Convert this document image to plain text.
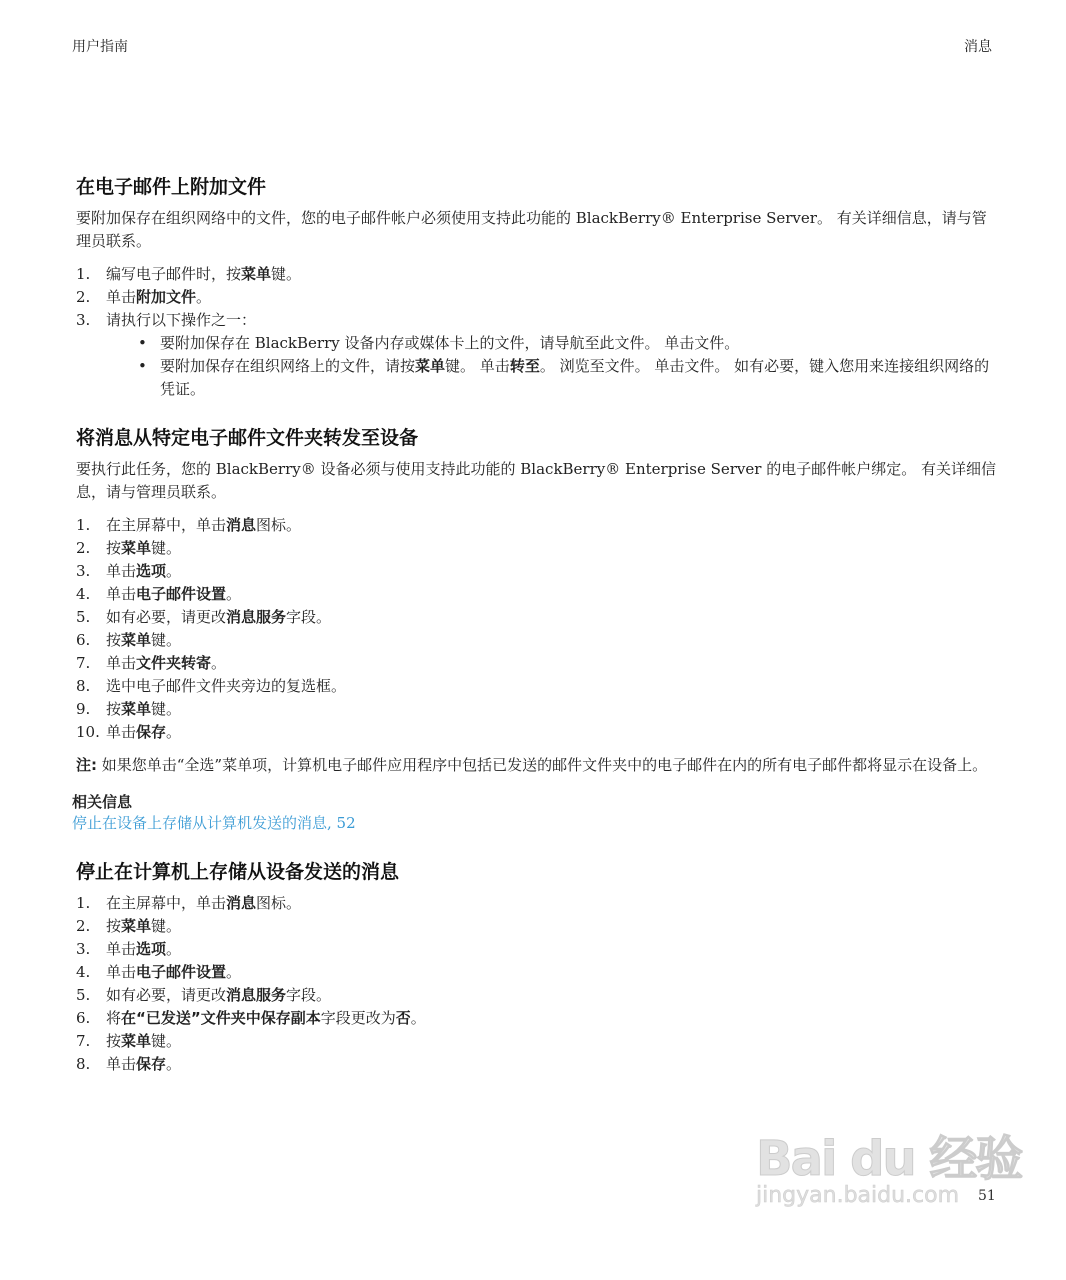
用户指南	消息
在电子邮件上附加文件

要附加保存在组织网络中的文件，您的电子邮件帐户必须使用支持此功能的 BlackBerry® Enterprise Server。 有关详细信息，请与管理员联系。

1. 编写电子邮件时，按菜单键。
2. 单击附加文件。
3. 请执行以下操作之一：
• 要附加保存在 BlackBerry 设备内存或媒体卡上的文件，请导航至此文件。 单击文件。
• 要附加保存在组织网络上的文件，请按菜单键。 单击转至。 浏览至文件。 单击文件。 如有必要，键入您用来连接组织网络的凭证。
将消息从特定电子邮件文件夹转发至设备

要执行此任务，您的 BlackBerry® 设备必须与使用支持此功能的 BlackBerry® Enterprise Server 的电子邮件帐户绑定。 有关详细信息，请与管理员联系。

1. 在主屏幕中，单击消息图标。
2. 按菜单键。
3. 单击选项。
4. 单击电子邮件设置。
5. 如有必要，请更改消息服务字段。
6. 按菜单键。
7. 单击文件夹转寄。
8. 选中电子邮件文件夹旁边的复选框。
9. 按菜单键。
10. 单击保存。

注: 如果您单击“全选”菜单项，计算机电子邮件应用程序中包括已发送的邮件文件夹中的电子邮件在内的所有电子邮件都将显示在设备上。

相关信息
停止在设备上存储从计算机发送的消息, 52
停止在计算机上存储从设备发送的消息
1. 在主屏幕中，单击消息图标。
2. 按菜单键。
3. 单击选项。
4. 单击电子邮件设置。
5. 如有必要，请更改消息服务字段。
6. 将在“已发送”文件夹中保存副本字段更改为否。
7. 按菜单键。
8. 单击保存。
Bai du 经验
jingyan.baidu.com	51
